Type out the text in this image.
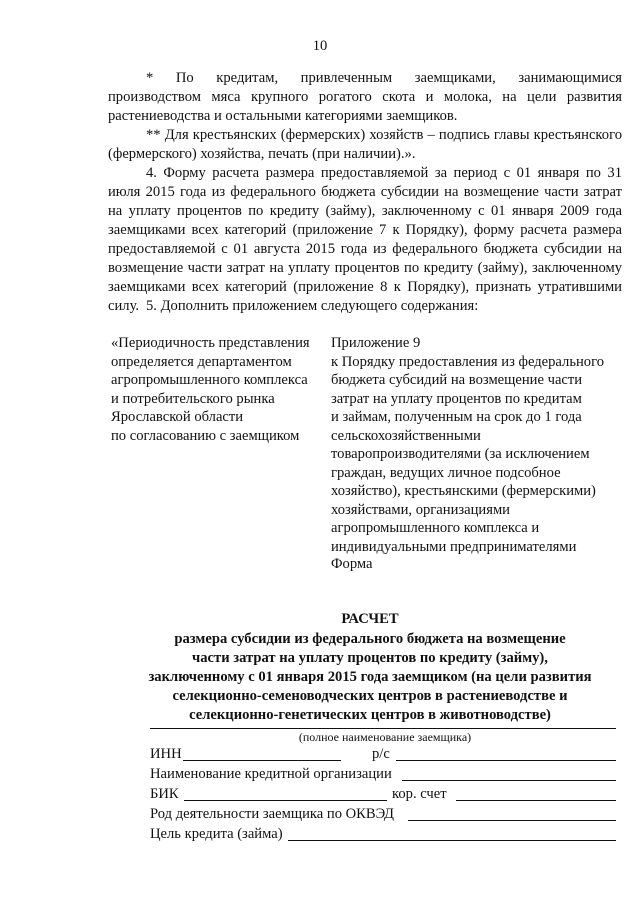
10
* По кредитам, привлеченным заемщиками, занимающимися производством мяса крупного рогатого скота и молока, на цели развития растениеводства и остальными категориями заемщиков.
** Для крестьянских (фермерских) хозяйств – подпись главы крестьянского (фермерского) хозяйства, печать (при наличии).».
4. Форму расчета размера предоставляемой за период с 01 января по 31 июля 2015 года из федерального бюджета субсидии на возмещение части затрат на уплату процентов по кредиту (займу), заключенному с 01 января 2009 года заемщиками всех категорий (приложение 7 к Порядку), форму расчета размера предоставляемой с 01 августа 2015 года из федерального бюджета субсидии на возмещение части затрат на уплату процентов по кредиту (займу), заключенному заемщиками всех категорий (приложение 8 к Порядку), признать утратившими силу. 5. Дополнить приложением следующего содержания:
«Периодичность представления
определяется департаментом
агропромышленного комплекса
и потребительского рынка
Ярославской области
по согласованию с заемщиком
Приложение 9
к Порядку предоставления из федерального
бюджета субсидий на возмещение части
затрат на уплату процентов по кредитам
и займам, полученным на срок до 1 года
сельскохозяйственными
товаропроизводителями (за исключением
граждан, ведущих личное подсобное
хозяйство), крестьянскими (фермерскими)
хозяйствами, организациями
агропромышленного комплекса и
индивидуальными предпринимателями
Форма
РАСЧЕТ
размера субсидии из федерального бюджета на возмещение
части затрат на уплату процентов по кредиту (займу),
заключенному с 01 января 2015 года заемщиком (на цели развития
селекционно-семеноводческих центров в растениеводстве и
селекционно-генетических центров в животноводстве)
(полное наименование заемщика)
ИНН	р/с
Наименование кредитной организации
БИК	кор. счет
Род деятельности заемщика по ОКВЭД
Цель кредита (займа)
